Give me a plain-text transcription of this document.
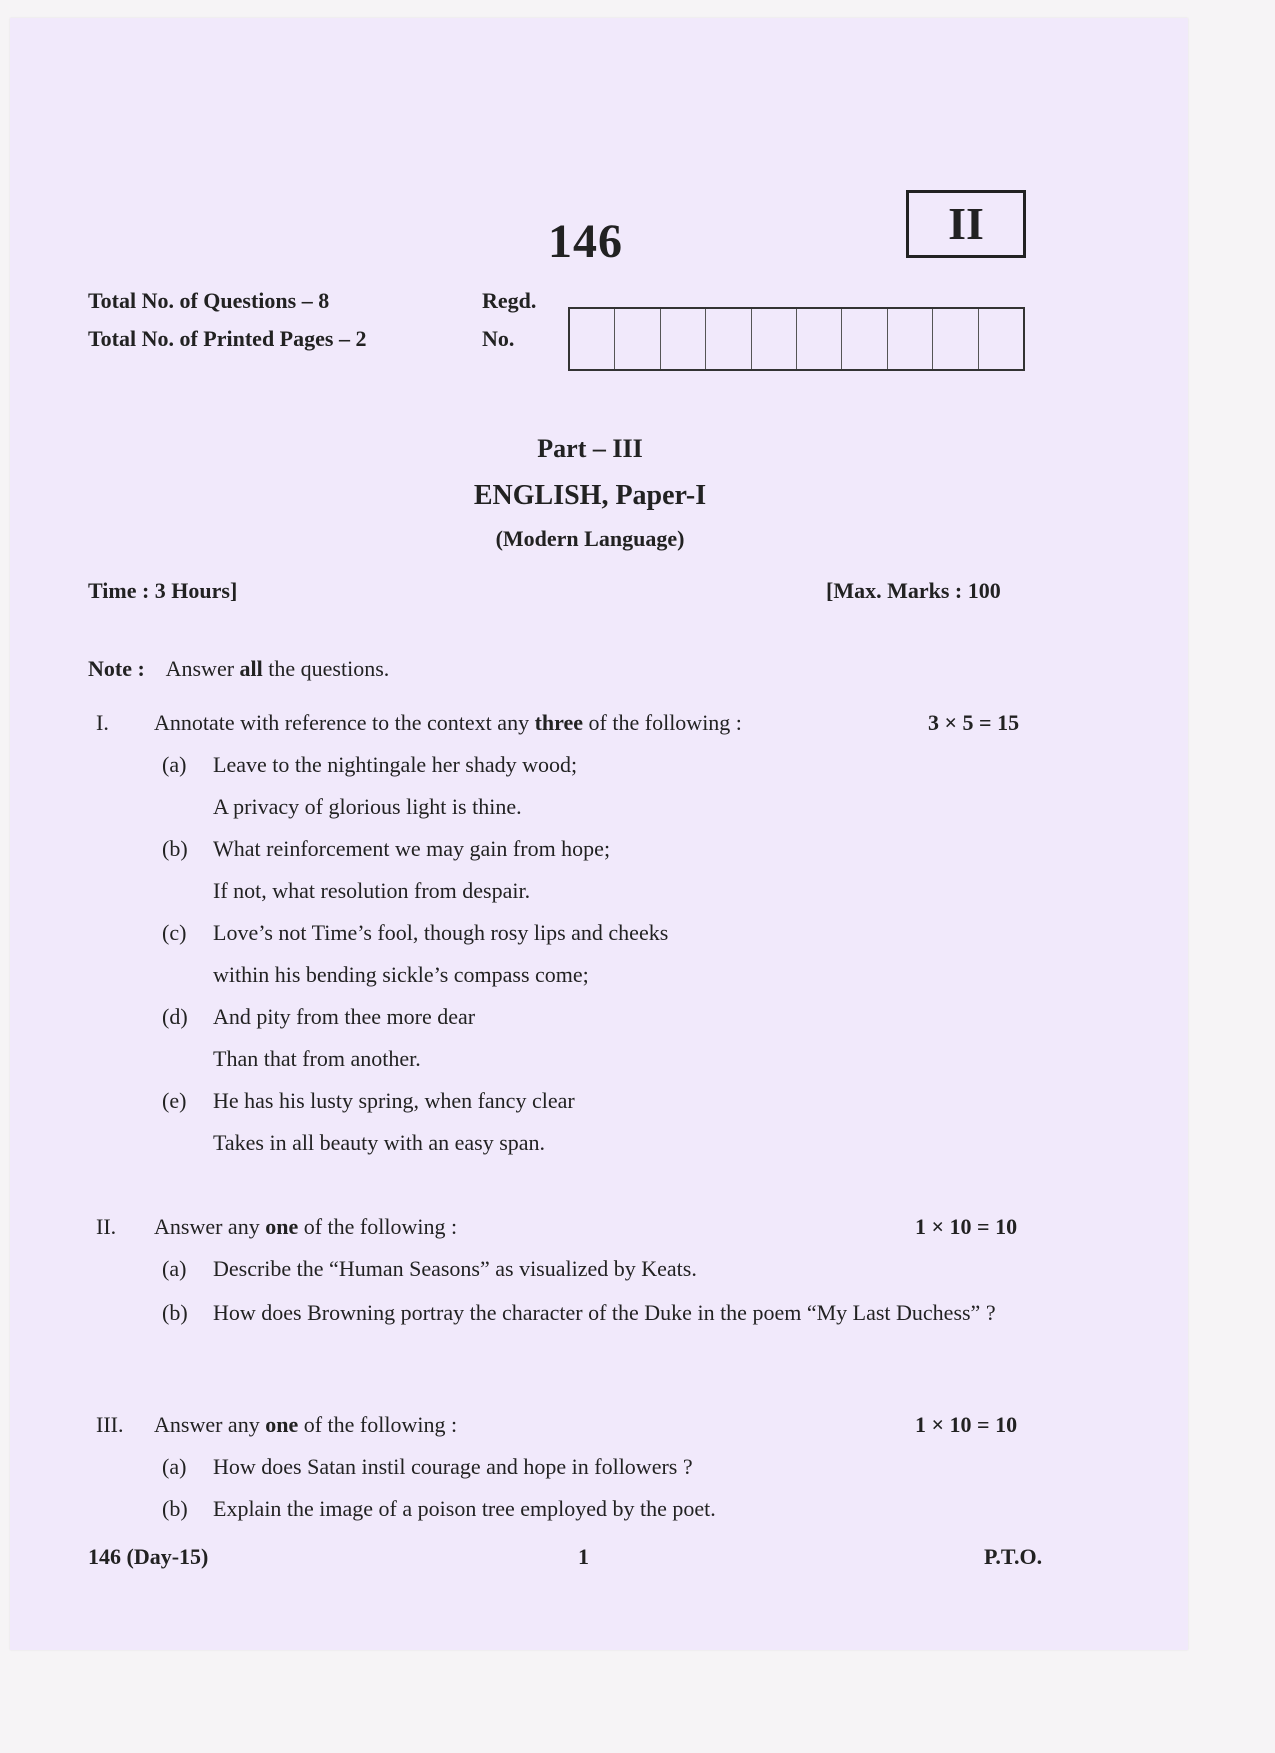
146	II
Total No. of Questions – 8
Total No. of Printed Pages – 2
Regd.
No.
Part – III
ENGLISH, Paper-I
(Modern Language)
Time : 3 Hours]	[Max. Marks : 100
Note : Answer all the questions.
I. Annotate with reference to the context any three of the following :	3 × 5 = 15
(a) Leave to the nightingale her shady wood;
A privacy of glorious light is thine.
(b) What reinforcement we may gain from hope;
If not, what resolution from despair.
(c) Love’s not Time’s fool, though rosy lips and cheeks
within his bending sickle’s compass come;
(d) And pity from thee more dear
Than that from another.
(e) He has his lusty spring, when fancy clear
Takes in all beauty with an easy span.
II. Answer any one of the following :	1 × 10 = 10
(a) Describe the “Human Seasons” as visualized by Keats.
(b) How does Browning portray the character of the Duke in the poem “My Last Duchess” ?
III. Answer any one of the following :	1 × 10 = 10
(a) How does Satan instil courage and hope in followers ?
(b) Explain the image of a poison tree employed by the poet.
146 (Day-15)	1	P.T.O.
